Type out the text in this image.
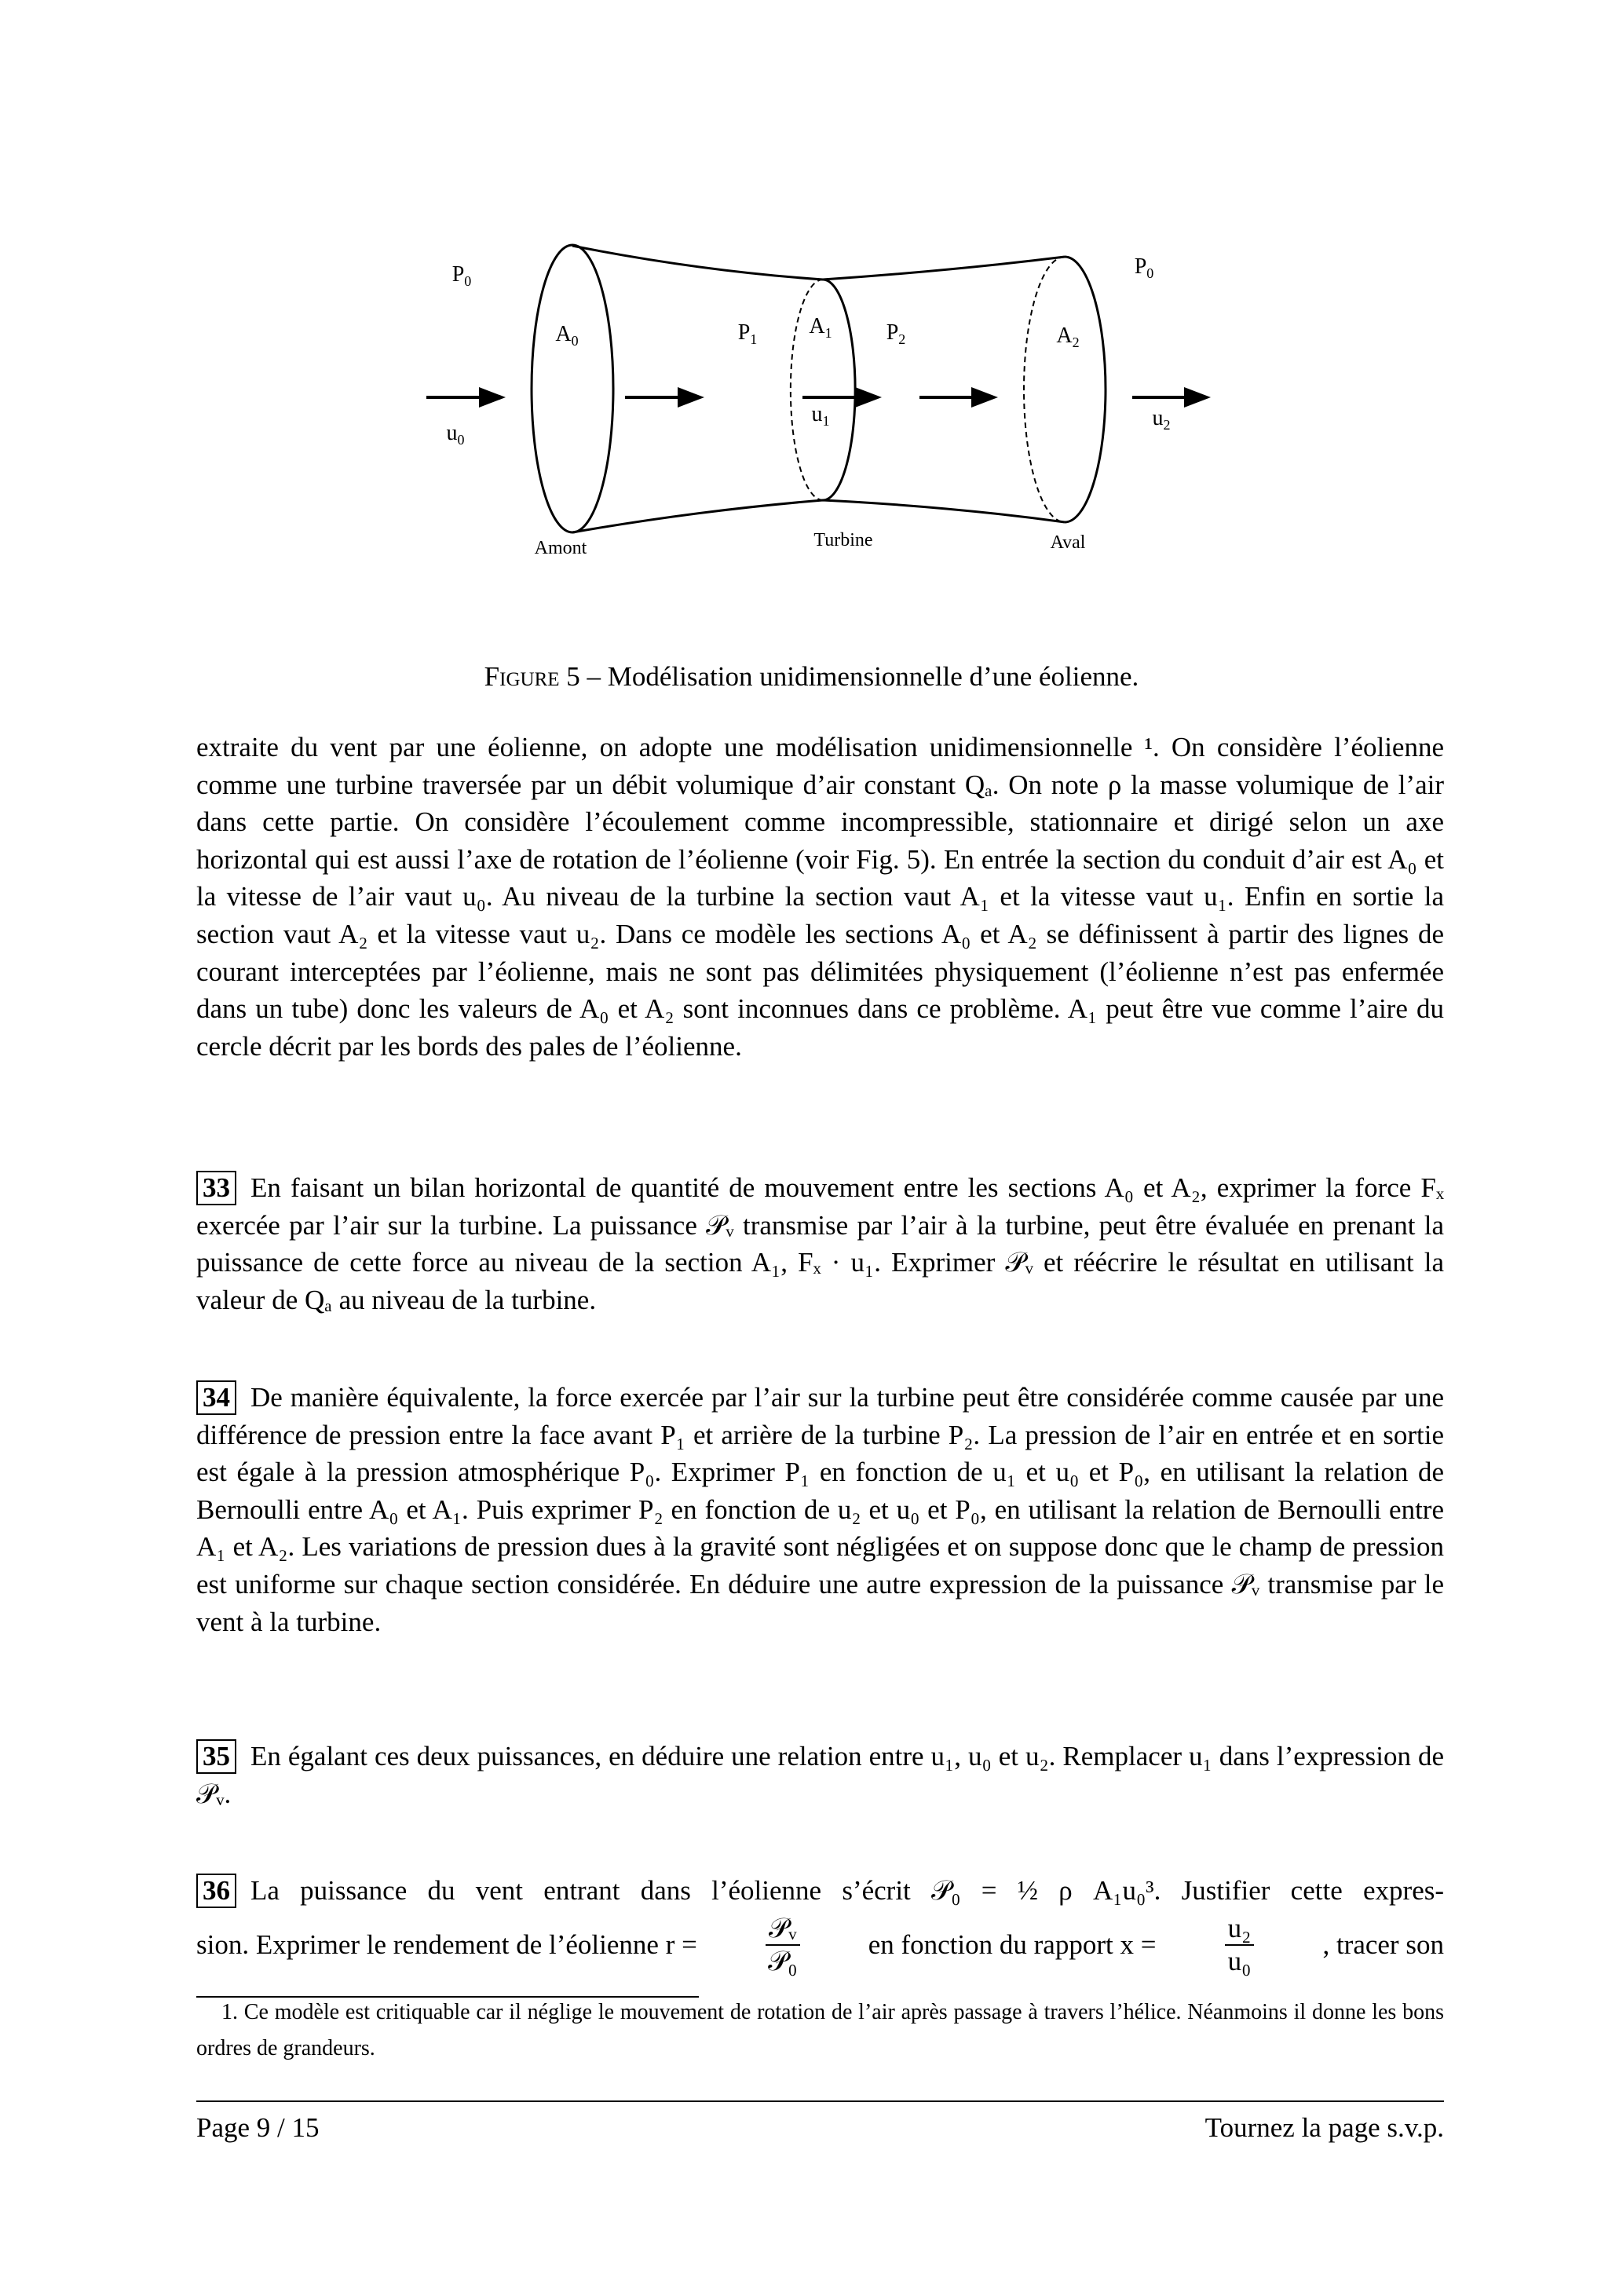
$P_0$
$A_0$	$P_1$
$A_1$ $P_2$	$A_2$
$P_0$
$u_0$
$u_1$	$u_2$
Amont	Turbine	Aval
Figure 5 – Modélisation unidimensionnelle d’une éolienne.
extraite du vent par une éolienne, on adopte une modélisation unidimensionnelle ¹. On considère l’éolienne comme une turbine traversée par un débit volumique d’air constant Qₐ. On note ρ la masse volumique de l’air dans cette partie. On considère l’écoulement comme incompressible, stationnaire et dirigé selon un axe horizontal qui est aussi l’axe de rotation de l’éolienne (voir Fig. 5). En entrée la section du conduit d’air est A₀ et la vitesse de l’air vaut u₀. Au niveau de la turbine la section vaut A₁ et la vitesse vaut u₁. Enfin en sortie la section vaut A₂ et la vitesse vaut u₂. Dans ce modèle les sections A₀ et A₂ se définissent à partir des lignes de courant interceptées par l’éolienne, mais ne sont pas délimitées physiquement (l’éolienne n’est pas enfermée dans un tube) donc les valeurs de A₀ et A₂ sont inconnues dans ce problème. A₁ peut être vue comme l’aire du cercle décrit par les bords des pales de l’éolienne.
33 En faisant un bilan horizontal de quantité de mouvement entre les sections A₀ et A₂, exprimer la force Fₓ exercée par l’air sur la turbine. La puissance 𝒫ᵥ transmise par l’air à la turbine, peut être évaluée en prenant la puissance de cette force au niveau de la section A₁, Fₓ · u₁. Exprimer 𝒫ᵥ et réécrire le résultat en utilisant la valeur de Qₐ au niveau de la turbine.
34 De manière équivalente, la force exercée par l’air sur la turbine peut être considérée comme causée par une différence de pression entre la face avant P₁ et arrière de la turbine P₂. La pression de l’air en entrée et en sortie est égale à la pression atmosphérique P₀. Exprimer P₁ en fonction de u₁ et u₀ et P₀, en utilisant la relation de Bernoulli entre A₀ et A₁. Puis exprimer P₂ en fonction de u₂ et u₀ et P₀, en utilisant la relation de Bernoulli entre A₁ et A₂. Les variations de pression dues à la gravité sont négligées et on suppose donc que le champ de pression est uniforme sur chaque section considérée. En déduire une autre expression de la puissance 𝒫ᵥ transmise par le vent à la turbine.
35 En égalant ces deux puissances, en déduire une relation entre u₁, u₀ et u₂. Remplacer u₁ dans l’expression de 𝒫ᵥ.
36 La puissance du vent entrant dans l’éolienne s’écrit 𝒫₀ = ½ ρ A₁u₀³. Justifier cette expres-
sion. Exprimer le rendement de l’éolienne $r = \frac{\text{𝒫ᵥ}}{\text{𝒫₀}}$ en fonction du rapport $x = \frac{\text{u₂}}{\text{u₀}}$ , tracer son
1. Ce modèle est critiquable car il néglige le mouvement de rotation de l’air après passage à travers l’hélice. Néanmoins il donne les bons ordres de grandeurs.
Page 9 / 15	Tournez la page s.v.p.
